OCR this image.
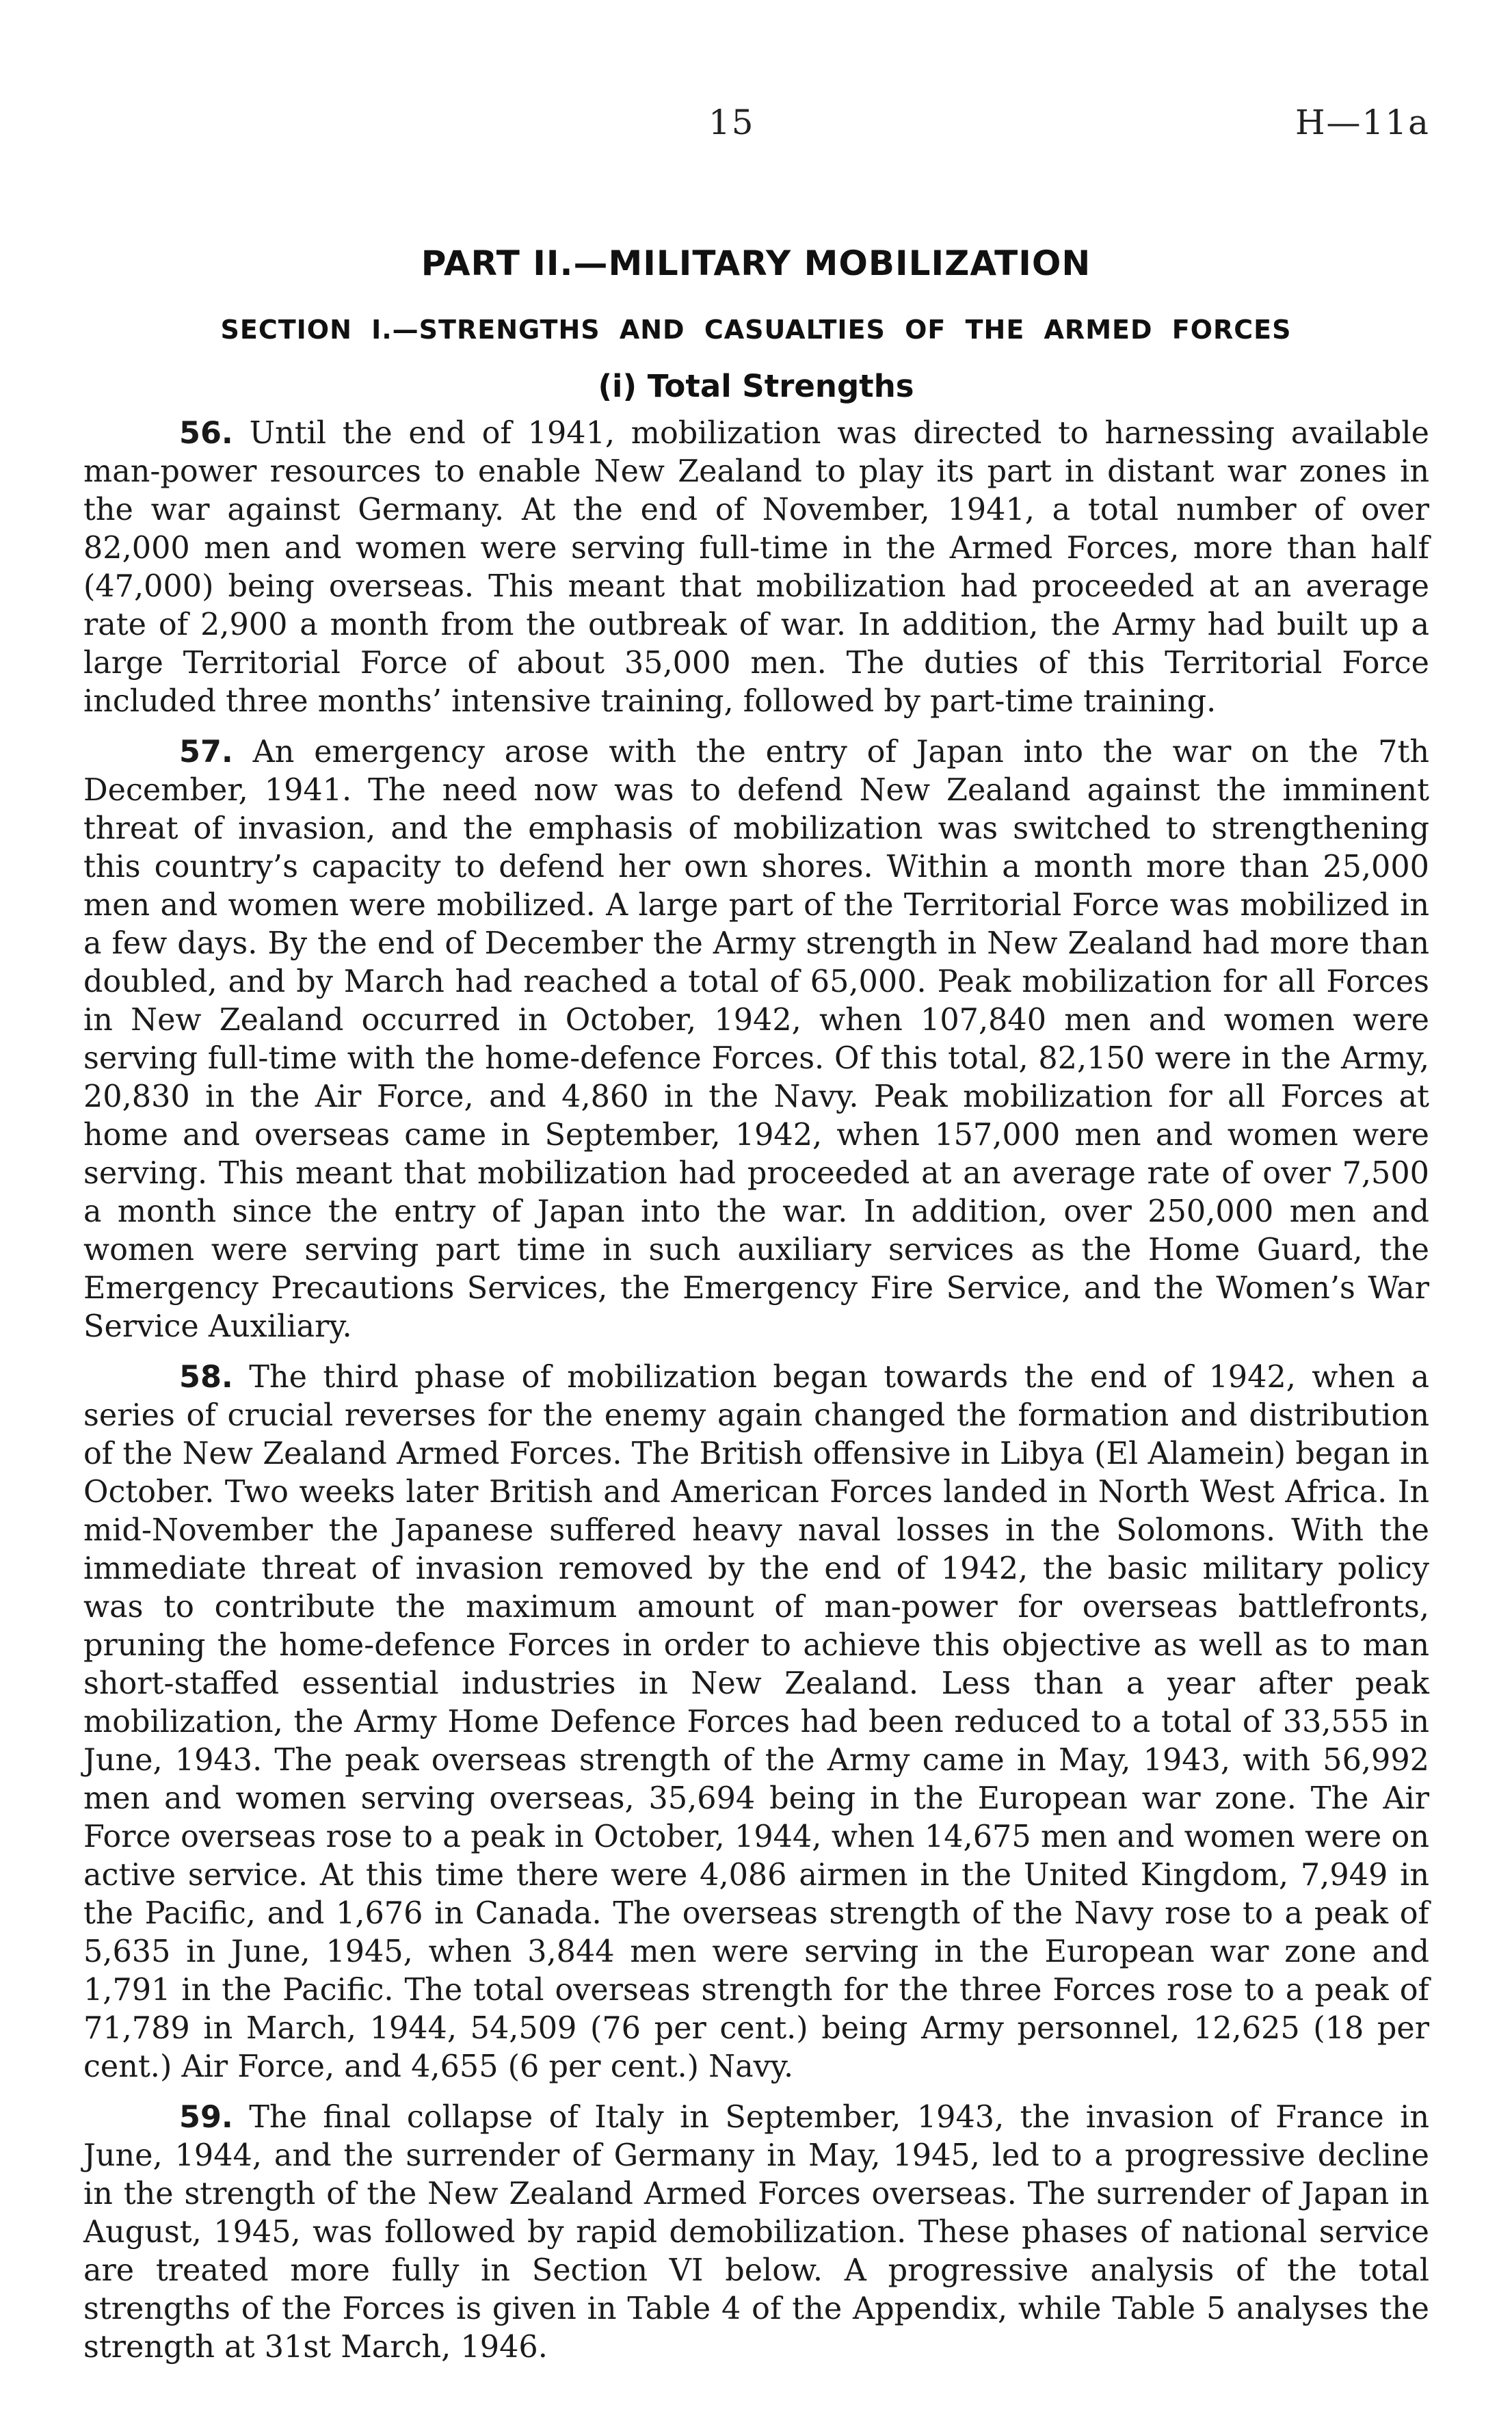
15	H—11a
PART II.—MILITARY MOBILIZATION
SECTION I.—STRENGTHS AND CASUALTIES OF THE ARMED FORCES
(i) Total Strengths

56. Until the end of 1941, mobilization was directed to harnessing available man-power resources to enable New Zealand to play its part in distant war zones in the war against Germany. At the end of November, 1941, a total number of over 82,000 men and women were serving full-time in the Armed Forces, more than half (47,000) being overseas. This meant that mobilization had proceeded at an average rate of 2,900 a month from the outbreak of war. In addition, the Army had built up a large Territorial Force of about 35,000 men. The duties of this Territorial Force included three months’ intensive training, followed by part-time training.

57. An emergency arose with the entry of Japan into the war on the 7th December, 1941. The need now was to defend New Zealand against the imminent threat of invasion, and the emphasis of mobilization was switched to strengthening this country’s capacity to defend her own shores. Within a month more than 25,000 men and women were mobilized. A large part of the Territorial Force was mobilized in a few days. By the end of December the Army strength in New Zealand had more than doubled, and by March had reached a total of 65,000. Peak mobilization for all Forces in New Zealand occurred in October, 1942, when 107,840 men and women were serving full-time with the home-defence Forces. Of this total, 82,150 were in the Army, 20,830 in the Air Force, and 4,860 in the Navy. Peak mobilization for all Forces at home and overseas came in September, 1942, when 157,000 men and women were serving. This meant that mobilization had proceeded at an average rate of over 7,500 a month since the entry of Japan into the war. In addition, over 250,000 men and women were serving part time in such auxiliary services as the Home Guard, the Emergency Precautions Services, the Emergency Fire Service, and the Women’s War Service Auxiliary.

58. The third phase of mobilization began towards the end of 1942, when a series of crucial reverses for the enemy again changed the formation and distribution of the New Zealand Armed Forces. The British offensive in Libya (El Alamein) began in October. Two weeks later British and American Forces landed in North West Africa. In mid-November the Japanese suffered heavy naval losses in the Solomons. With the immediate threat of invasion removed by the end of 1942, the basic military policy was to contribute the maximum amount of man-power for overseas battlefronts, pruning the home-defence Forces in order to achieve this objective as well as to man short-staffed essential industries in New Zealand. Less than a year after peak mobilization, the Army Home Defence Forces had been reduced to a total of 33,555 in June, 1943. The peak overseas strength of the Army came in May, 1943, with 56,992 men and women serving overseas, 35,694 being in the European war zone. The Air Force overseas rose to a peak in October, 1944, when 14,675 men and women were on active service. At this time there were 4,086 airmen in the United Kingdom, 7,949 in the Pacific, and 1,676 in Canada. The overseas strength of the Navy rose to a peak of 5,635 in June, 1945, when 3,844 men were serving in the European war zone and 1,791 in the Pacific. The total overseas strength for the three Forces rose to a peak of 71,789 in March, 1944, 54,509 (76 per cent.) being Army personnel, 12,625 (18 per cent.) Air Force, and 4,655 (6 per cent.) Navy.

59. The final collapse of Italy in September, 1943, the invasion of France in June, 1944, and the surrender of Germany in May, 1945, led to a progressive decline in the strength of the New Zealand Armed Forces overseas. The surrender of Japan in August, 1945, was followed by rapid demobilization. These phases of national service are treated more fully in Section VI below. A progressive analysis of the total strengths of the Forces is given in Table 4 of the Appendix, while Table 5 analyses the strength at 31st March, 1946.
